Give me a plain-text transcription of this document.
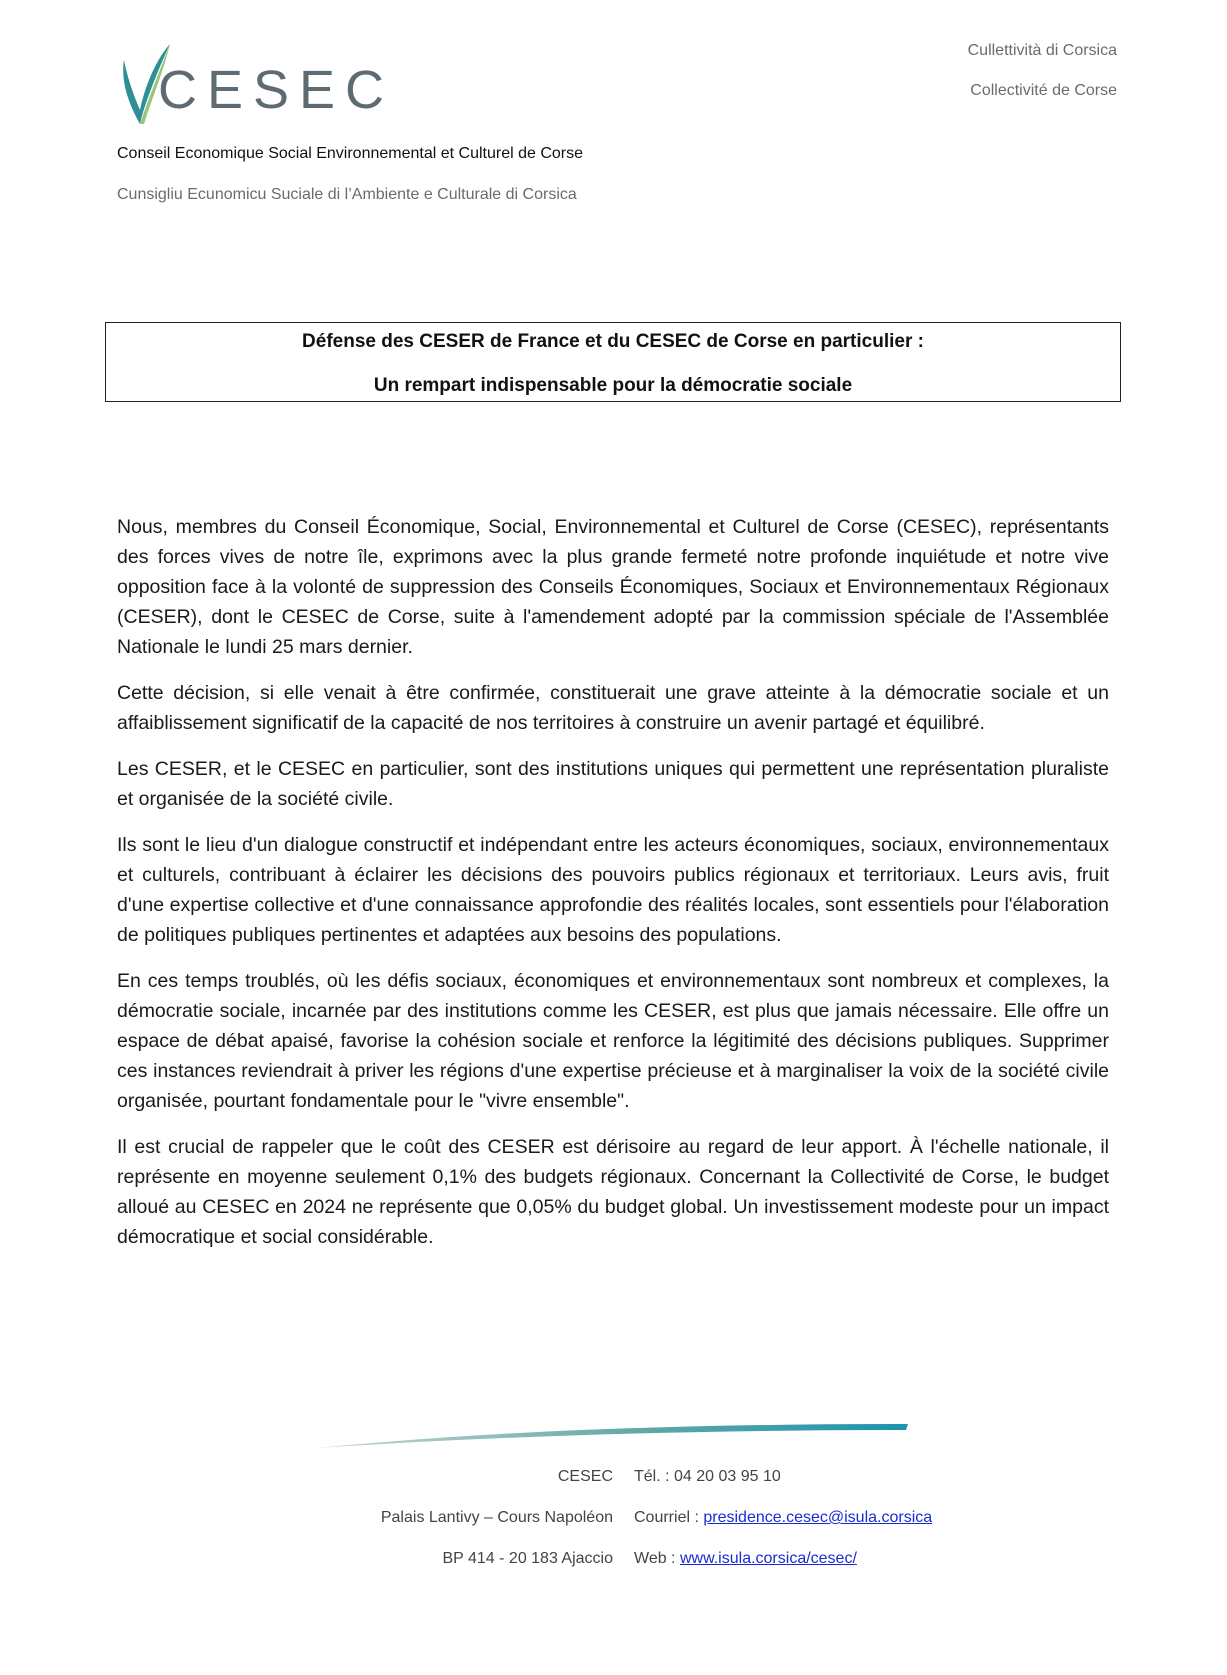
CESEC
Conseil Economique Social Environnemental et Culturel de Corse
Cunsigliu Ecunomicu Suciale di l’Ambiente e Culturale di Corsica
Cullettività di Corsica
Collectivité de Corse
Défense des CESER de France et du CESEC de Corse en particulier :
Un rempart indispensable pour la démocratie sociale

Nous, membres du Conseil Économique, Social, Environnemental et Culturel de Corse (CESEC), représentants des forces vives de notre île, exprimons avec la plus grande fermeté notre profonde inquiétude et notre vive opposition face à la volonté de suppression des Conseils Économiques, Sociaux et Environnementaux Régionaux (CESER), dont le CESEC de Corse, suite à l'amendement adopté par la commission spéciale de l'Assemblée Nationale le lundi 25 mars dernier.

Cette décision, si elle venait à être confirmée, constituerait une grave atteinte à la démocratie sociale et un affaiblissement significatif de la capacité de nos territoires à construire un avenir partagé et équilibré.

Les CESER, et le CESEC en particulier, sont des institutions uniques qui permettent une représentation pluraliste et organisée de la société civile.

Ils sont le lieu d'un dialogue constructif et indépendant entre les acteurs économiques, sociaux, environnementaux et culturels, contribuant à éclairer les décisions des pouvoirs publics régionaux et territoriaux. Leurs avis, fruit d'une expertise collective et d'une connaissance approfondie des réalités locales, sont essentiels pour l'élaboration de politiques publiques pertinentes et adaptées aux besoins des populations.

En ces temps troublés, où les défis sociaux, économiques et environnementaux sont nombreux et complexes, la démocratie sociale, incarnée par des institutions comme les CESER, est plus que jamais nécessaire. Elle offre un espace de débat apaisé, favorise la cohésion sociale et renforce la légitimité des décisions publiques. Supprimer ces instances reviendrait à priver les régions d'une expertise précieuse et à marginaliser la voix de la société civile organisée, pourtant fondamentale pour le "vivre ensemble".

Il est crucial de rappeler que le coût des CESER est dérisoire au regard de leur apport. À l'échelle nationale, il représente en moyenne seulement 0,1% des budgets régionaux. Concernant la Collectivité de Corse, le budget alloué au CESEC en 2024 ne représente que 0,05% du budget global. Un investissement modeste pour un impact démocratique et social considérable.

CESEC Tél. : 04 20 03 95 10
Palais Lantivy – Cours Napoléon Courriel : presidence.cesec@isula.corsica
BP 414 - 20 183 Ajaccio Web : www.isula.corsica/cesec/
